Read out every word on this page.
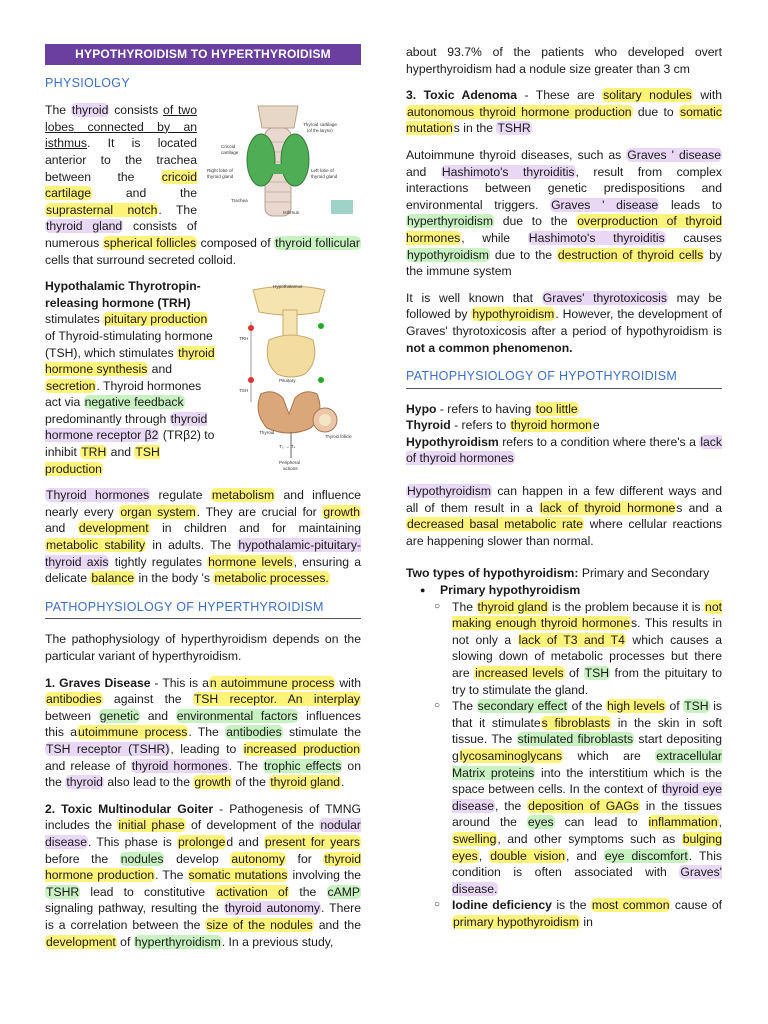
HYPOTHYROIDISM TO HYPERTHYROIDISM
PHYSIOLOGY
Thyroid cartilage
(of the larynx)
Cricoid
cartilage
Right lobe of
thyroid gland
Left lobe of
thyroid gland
Trachea
Isthmus

The thyroid consists of two lobes connected by an isthmus. It is located anterior to the trachea between the cricoid cartilage and the suprasternal notch. The thyroid gland consists of numerous spherical follicles composed of thyroid follicular cells that surround secreted colloid.

Hypothalamus
TRH
Pituitary
TSH
Thyroid
Thyroid follicle
T₃ → T₄
Peripheral
actions

Hypothalamic Thyrotropin-releasing hormone (TRH) stimulates pituitary production of Thyroid-stimulating hormone (TSH), which stimulates thyroid hormone synthesis and secretion. Thyroid hormones act via negative feedback predominantly through thyroid hormone receptor β2 (TRβ2) to inhibit TRH and TSH production

Thyroid hormones regulate metabolism and influence nearly every organ system. They are crucial for growth and development in children and for maintaining metabolic stability in adults. The hypothalamic-pituitary-thyroid axis tightly regulates hormone levels, ensuring a delicate balance in the body 's metabolic processes.

PATHOPHYSIOLOGY OF HYPERTHYROIDISM

The pathophysiology of hyperthyroidism depends on the particular variant of hyperthyroidism.

1. Graves Disease - This is an autoimmune process with antibodies against the TSH receptor. An interplay between genetic and environmental factors influences this autoimmune process. The antibodies stimulate the TSH receptor (TSHR), leading to increased production and release of thyroid hormones. The trophic effects on the thyroid also lead to the growth of the thyroid gland.

2. Toxic Multinodular Goiter - Pathogenesis of TMNG includes the initial phase of development of the nodular disease. This phase is prolonged and present for years before the nodules develop autonomy for thyroid hormone production. The somatic mutations involving the TSHR lead to constitutive activation of the cAMP signaling pathway, resulting the thyroid autonomy. There is a correlation between the size of the nodules and the development of hyperthyroidism. In a previous study,

about 93.7% of the patients who developed overt hyperthyroidism had a nodule size greater than 3 cm

3. Toxic Adenoma - These are solitary nodules with autonomous thyroid hormone production due to somatic mutations in the TSHR

Autoimmune thyroid diseases, such as Graves ' disease and Hashimoto's thyroiditis, result from complex interactions between genetic predispositions and environmental triggers. Graves ' disease leads to hyperthyroidism due to the overproduction of thyroid hormones, while Hashimoto's thyroiditis causes hypothyroidism due to the destruction of thyroid cells by the immune system

It is well known that Graves' thyrotoxicosis may be followed by hypothyroidism. However, the development of Graves' thyrotoxicosis after a period of hypothyroidism is not a common phenomenon.

PATHOPHYSIOLOGY OF HYPOTHYROIDISM

Hypo - refers to having too little
Thyroid - refers to thyroid hormone
Hypothyroidism refers to a condition where there's a lack of thyroid hormones

Hypothyroidism can happen in a few different ways and all of them result in a lack of thyroid hormones and a decreased basal metabolic rate where cellular reactions are happening slower than normal.

Two types of hypothyroidism: Primary and Secondary

● Primary hypothyroidism
○ The thyroid gland is the problem because it is not making enough thyroid hormones. This results in not only a lack of T3 and T4 which causes a slowing down of metabolic processes but there are increased levels of TSH from the pituitary to try to stimulate the gland.
○ The secondary effect of the high levels of TSH is that it stimulates fibroblasts in the skin in soft tissue. The stimulated fibroblasts start depositing glycosaminoglycans which are extracellular Matrix proteins into the interstitium which is the space between cells. In the context of thyroid eye disease, the deposition of GAGs in the tissues around the eyes can lead to inflammation, swelling, and other symptoms such as bulging eyes, double vision, and eye discomfort. This condition is often associated with Graves' disease.
○ Iodine deficiency is the most common cause of primary hypothyroidism in
